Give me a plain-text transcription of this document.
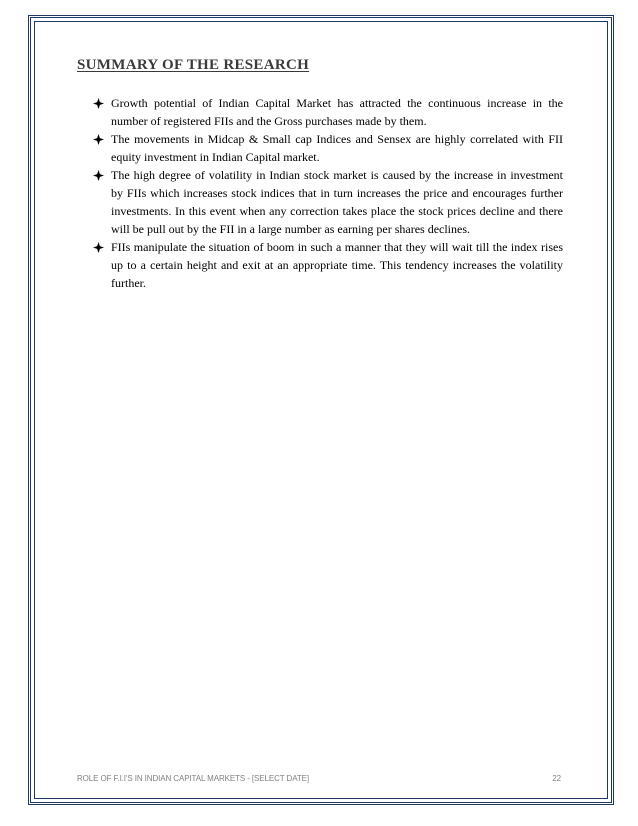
SUMMARY OF THE RESEARCH
Growth potential of Indian Capital Market has attracted the continuous increase in the number of registered FIIs and the Gross purchases made by them.
The movements in Midcap & Small cap Indices and Sensex are highly correlated with FII equity investment in Indian Capital market.
The high degree of volatility in Indian stock market is caused by the increase in investment by FIIs which increases stock indices that in turn increases the price and encourages further investments. In this event when any correction takes place the stock prices decline and there will be pull out by the FII in a large number as earning per shares declines.
FIIs manipulate the situation of boom in such a manner that they will wait till the index rises up to a certain height and exit at an appropriate time. This tendency increases the volatility further.
ROLE OF F.I.I'S IN INDIAN CAPITAL MARKETS - [SELECT DATE]	22
